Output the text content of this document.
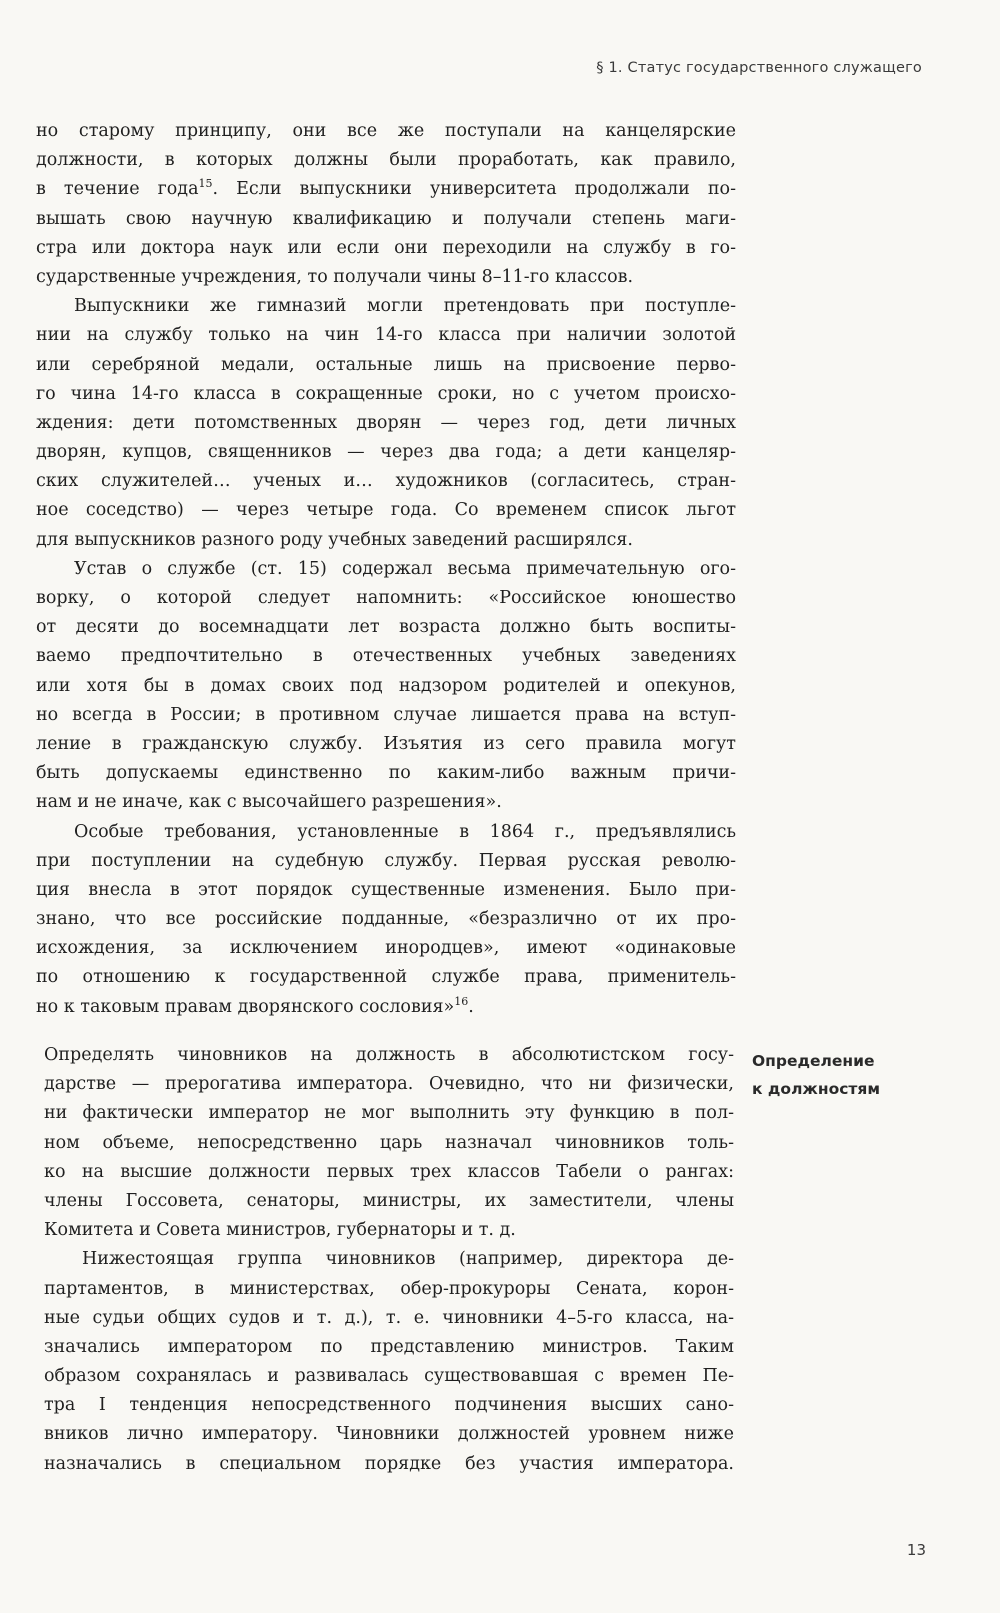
§ 1. Статус государственного служащего
но старому принципу, они все же поступали на канцелярские
должности, в которых должны были проработать, как правило,
в течение года$^{15}$. Если выпускники университета продолжали по-
вышать свою научную квалификацию и получали степень маги-
стра или доктора наук или если они переходили на службу в го-
сударственные учреждения, то получали чины 8–11-го классов.
Выпускники же гимназий могли претендовать при поступле-
нии на службу только на чин 14-го класса при наличии золотой
или серебряной медали, остальные лишь на присвоение перво-
го чина 14-го класса в сокращенные сроки, но с учетом происхо-
ждения: дети потомственных дворян — через год, дети личных
дворян, купцов, священников — через два года; а дети канцеляр-
ских служителей… ученых и… художников (согласитесь, стран-
ное соседство) — через четыре года. Со временем список льгот
для выпускников разного роду учебных заведений расширялся.
Устав о службе (ст. 15) содержал весьма примечательную ого-
ворку, о которой следует напомнить: «Российское юношество
от десяти до восемнадцати лет возраста должно быть воспиты-
ваемо предпочтительно в отечественных учебных заведениях
или хотя бы в домах своих под надзором родителей и опекунов,
но всегда в России; в противном случае лишается права на вступ-
ление в гражданскую службу. Изъятия из сего правила могут
быть допускаемы единственно по каким-либо важным причи-
нам и не иначе, как с высочайшего разрешения».
Особые требования, установленные в 1864 г., предъявлялись
при поступлении на судебную службу. Первая русская револю-
ция внесла в этот порядок существенные изменения. Было при-
знано, что все российские подданные, «безразлично от их про-
исхождения, за исключением инородцев», имеют «одинаковые
по отношению к государственной службе права, применитель-
но к таковым правам дворянского сословия»$^{16}$.
Определение
к должностям
Определять чиновников на должность в абсолютистском госу-
дарстве — прерогатива императора. Очевидно, что ни физически,
ни фактически император не мог выполнить эту функцию в пол-
ном объеме, непосредственно царь назначал чиновников толь-
ко на высшие должности первых трех классов Табели о рангах:
члены Госсовета, сенаторы, министры, их заместители, члены
Комитета и Совета министров, губернаторы и т. д.
Нижестоящая группа чиновников (например, директора де-
партаментов, в министерствах, обер-прокуроры Сената, корон-
ные судьи общих судов и т. д.), т. е. чиновники 4–5-го класса, на-
значались императором по представлению министров. Таким
образом сохранялась и развивалась существовавшая с времен Пе-
тра I тенденция непосредственного подчинения высших сано-
вников лично императору. Чиновники должностей уровнем ниже
назначались в специальном порядке без участия императора.
13
